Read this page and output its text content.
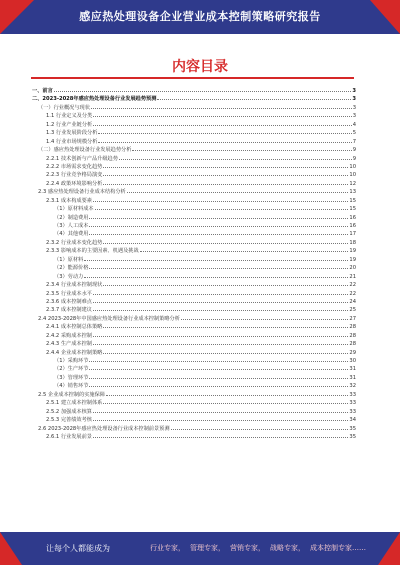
感应热处理设备企业营业成本控制策略研究报告
内容目录
一、前言	3
二、2023-2028年感应热处理设备行业发展趋势预测	3
（一）行业概况与现状	3
1.1 行业定义及分类	3
1.2 行业产业链分析	4
1.3 行业发展阶段分析	5
1.4 行业市场规模分析	7
（二）感应热处理设备行业发展趋势分析	9
2.2.1 技术创新与产品升级趋势	9
2.2.2 市场需求变化趋势	10
2.2.3 行业竞争格局演变	10
2.2.4 政策环境影响分析	12
2.3 感应热处理设备行业成本结构分析	13
2.3.1 成本构成要素	15
（1）原材料成本	15
（2）制造费用	16
（3）人工成本	16
（4）其他费用	17
2.3.2 行业成本变化趋势	18
2.3.3 影响成本的主要因素、机遇及挑战	19
（1）原材料	19
（2）能源价格	20
（3）劳动力	21
2.3.4 行业成本控制现状	22
2.3.5 行业成本水平	22
2.3.6 成本控制难点	24
2.3.7 成本控制建议	25
2.4 2023-2028年中国感应热处理设备行业成本控制策略分析	27
2.4.1 成本控制总体策略	28
2.4.2 采购成本控制	28
2.4.3 生产成本控制	28
2.4.4 企业成本控制策略	29
（1）采购环节	30
（2）生产环节	31
（3）管理环节	31
（4）销售环节	32
2.5 企业成本控制的实施保障	33
2.5.1 建立成本控制体系	33
2.5.2 加强成本核算	33
2.5.3 完善绩效考核	34
2.6 2023-2028年感应热处理设备行业成本控制前景预测	35
2.6.1 行业发展前景	35
让每个人都能成为	行业专家， 管理专家， 营销专家， 战略专家， 成本控制专家……
